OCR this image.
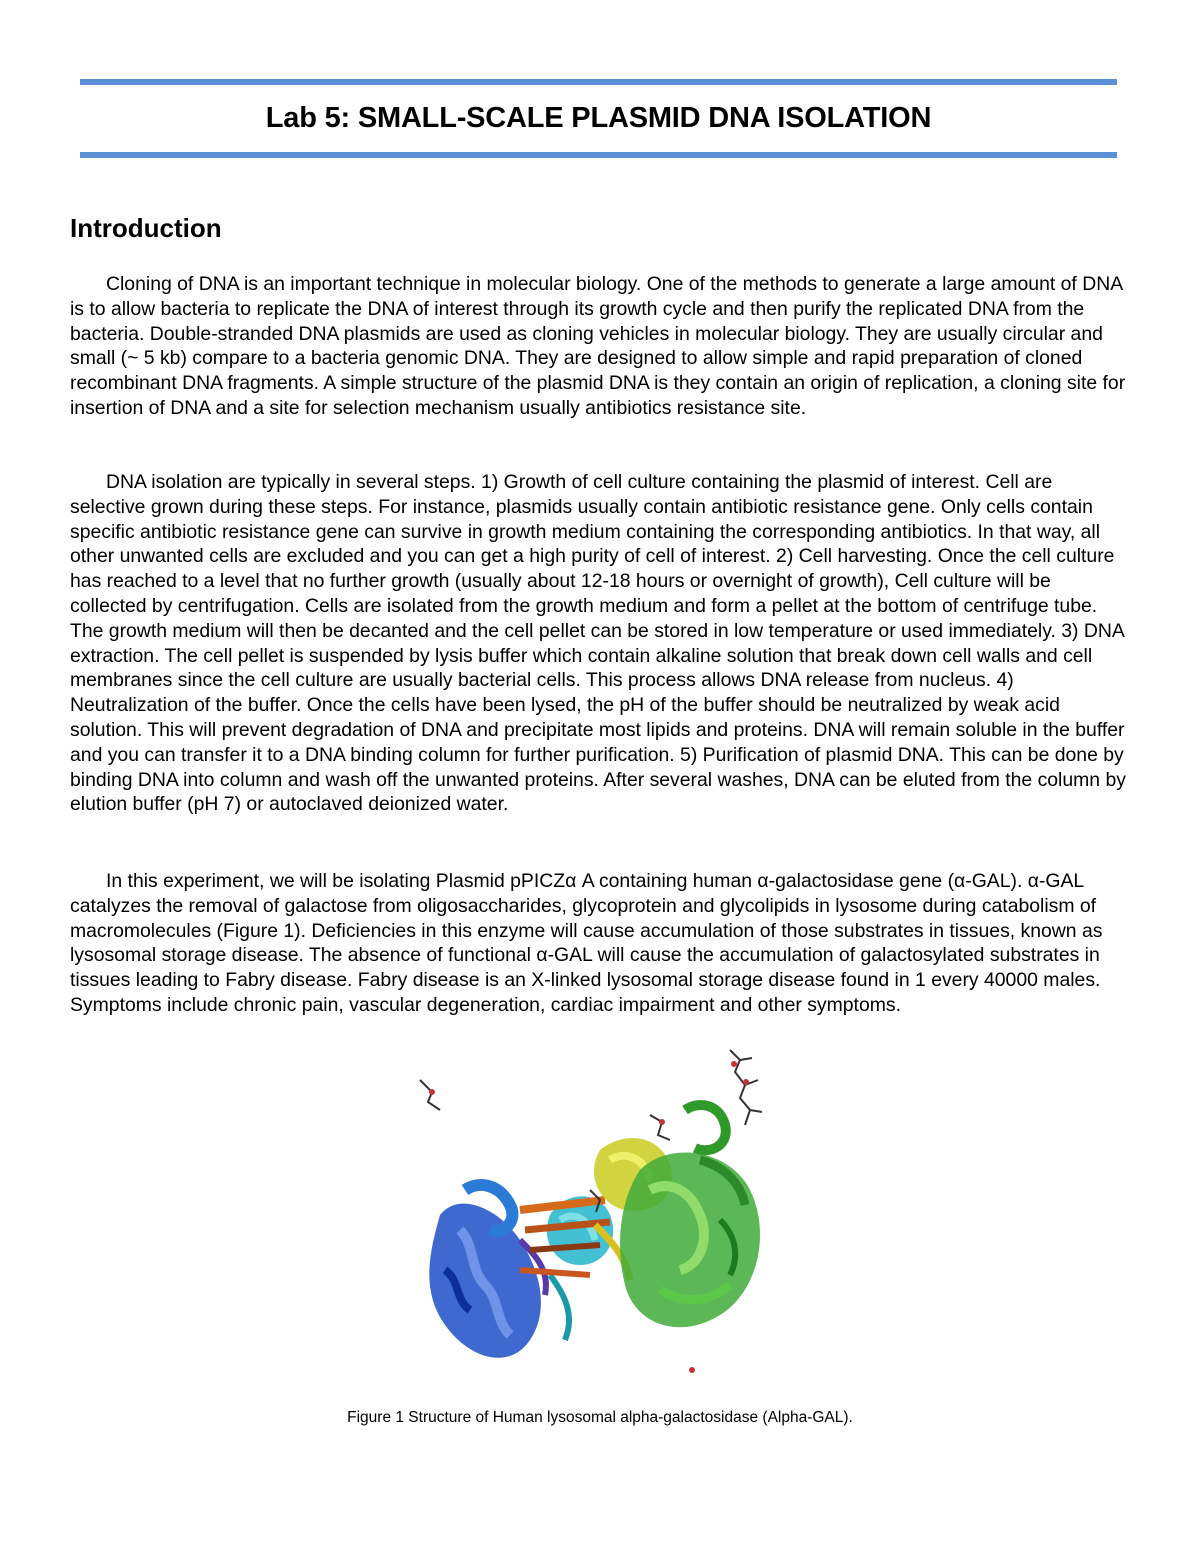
Lab 5: SMALL-SCALE PLASMID DNA ISOLATION
Introduction

Cloning of DNA is an important technique in molecular biology. One of the methods to generate a large amount of DNA is to allow bacteria to replicate the DNA of interest through its growth cycle and then purify the replicated DNA from the bacteria. Double-stranded DNA plasmids are used as cloning vehicles in molecular biology. They are usually circular and small (~ 5 kb) compare to a bacteria genomic DNA. They are designed to allow simple and rapid preparation of cloned recombinant DNA fragments. A simple structure of the plasmid DNA is they contain an origin of replication, a cloning site for insertion of DNA and a site for selection mechanism usually antibiotics resistance site.

DNA isolation are typically in several steps. 1) Growth of cell culture containing the plasmid of interest. Cell are selective grown during these steps. For instance, plasmids usually contain antibiotic resistance gene. Only cells contain specific antibiotic resistance gene can survive in growth medium containing the corresponding antibiotics. In that way, all other unwanted cells are excluded and you can get a high purity of cell of interest. 2) Cell harvesting. Once the cell culture has reached to a level that no further growth (usually about 12-18 hours or overnight of growth), Cell culture will be collected by centrifugation. Cells are isolated from the growth medium and form a pellet at the bottom of centrifuge tube. The growth medium will then be decanted and the cell pellet can be stored in low temperature or used immediately. 3) DNA extraction. The cell pellet is suspended by lysis buffer which contain alkaline solution that break down cell walls and cell membranes since the cell culture are usually bacterial cells. This process allows DNA release from nucleus. 4) Neutralization of the buffer. Once the cells have been lysed, the pH of the buffer should be neutralized by weak acid solution. This will prevent degradation of DNA and precipitate most lipids and proteins. DNA will remain soluble in the buffer and you can transfer it to a DNA binding column for further purification. 5) Purification of plasmid DNA. This can be done by binding DNA into column and wash off the unwanted proteins. After several washes, DNA can be eluted from the column by elution buffer (pH 7) or autoclaved deionized water.

In this experiment, we will be isolating Plasmid pPICZα A containing human α-galactosidase gene (α-GAL). α-GAL catalyzes the removal of galactose from oligosaccharides, glycoprotein and glycolipids in lysosome during catabolism of macromolecules (Figure 1). Deficiencies in this enzyme will cause accumulation of those substrates in tissues, known as lysosomal storage disease. The absence of functional α-GAL will cause the accumulation of galactosylated substrates in tissues leading to Fabry disease. Fabry disease is an X-linked lysosomal storage disease found in 1 every 40000 males. Symptoms include chronic pain, vascular degeneration, cardiac impairment and other symptoms.

Figure 1 Structure of Human lysosomal alpha-galactosidase (Alpha-GAL).
